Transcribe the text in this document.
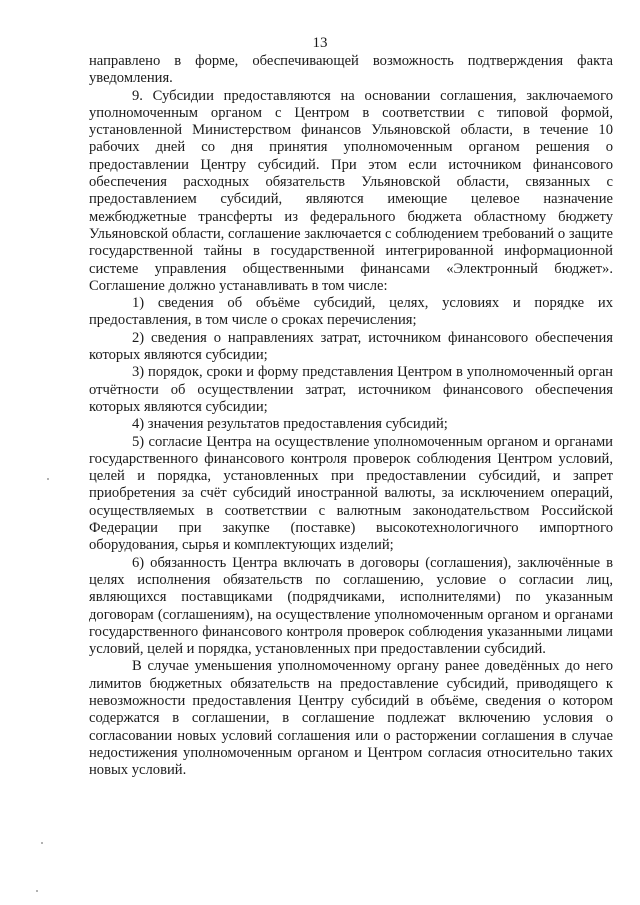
13

направлено в форме, обеспечивающей возможность подтверждения факта уведомления.

9. Субсидии предоставляются на основании соглашения, заключаемого уполномоченным органом с Центром в соответствии с типовой формой, установленной Министерством финансов Ульяновской области, в течение 10 рабочих дней со дня принятия уполномоченным органом решения о предоставлении Центру субсидий. При этом если источником финансового обеспечения расходных обязательств Ульяновской области, связанных с предоставлением субсидий, являются имеющие целевое назначение межбюджетные трансферты из федерального бюджета областному бюджету Ульяновской области, соглашение заключается с соблюдением требований о защите государственной тайны в государственной интегрированной информационной системе управления общественными финансами «Электронный бюджет». Соглашение должно устанавливать в том числе:

1) сведения об объёме субсидий, целях, условиях и порядке их предоставления, в том числе о сроках перечисления;

2) сведения о направлениях затрат, источником финансового обеспечения которых являются субсидии;

3) порядок, сроки и форму представления Центром в уполномоченный орган отчётности об осуществлении затрат, источником финансового обеспечения которых являются субсидии;

4) значения результатов предоставления субсидий;

5) согласие Центра на осуществление уполномоченным органом и органами государственного финансового контроля проверок соблюдения Центром условий, целей и порядка, установленных при предоставлении субсидий, и запрет приобретения за счёт субсидий иностранной валюты, за исключением операций, осуществляемых в соответствии с валютным законодательством Российской Федерации при закупке (поставке) высокотехнологичного импортного оборудования, сырья и комплектующих изделий;

6) обязанность Центра включать в договоры (соглашения), заключённые в целях исполнения обязательств по соглашению, условие о согласии лиц, являющихся поставщиками (подрядчиками, исполнителями) по указанным договорам (соглашениям), на осуществление уполномоченным органом и органами государственного финансового контроля проверок соблюдения указанными лицами условий, целей и порядка, установленных при предоставлении субсидий.

В случае уменьшения уполномоченному органу ранее доведённых до него лимитов бюджетных обязательств на предоставление субсидий, приводящего к невозможности предоставления Центру субсидий в объёме, сведения о котором содержатся в соглашении, в соглашение подлежат включению условия о согласовании новых условий соглашения или о расторжении соглашения в случае недостижения уполномоченным органом и Центром согласия относительно таких новых условий.
